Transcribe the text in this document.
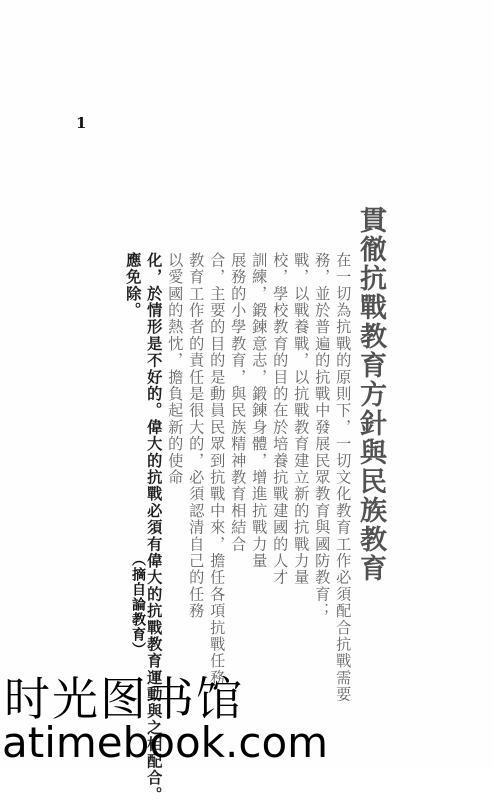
1
貫徹抗戰教育方針與民族教育
在一切為抗戰的原則下，一切文化教育工作必須配合抗戰需要
務，並於普遍的抗戰中發展民眾教育與國防教育；
戰，以戰養戰，以抗戰教育建立新的抗戰力量
校，學校教育的目的在於培養抗戰建國的人才
訓練，鍛鍊意志，鍛鍊身體，增進抗戰力量
展務的小學教育，與民族精神教育相結合
合，主要的目的是動員民眾到抗戰中來，擔任各項抗戰任務
教育工作者的責任是很大的，必須認清自己的任務
以愛國的熱忱，擔負起新的使命
化，於情形是不好的。偉大的抗戰必須有偉大的抗戰教育運動與之相配合。
應免除。
（摘自論教育）
时光图书馆
atimebook.com
